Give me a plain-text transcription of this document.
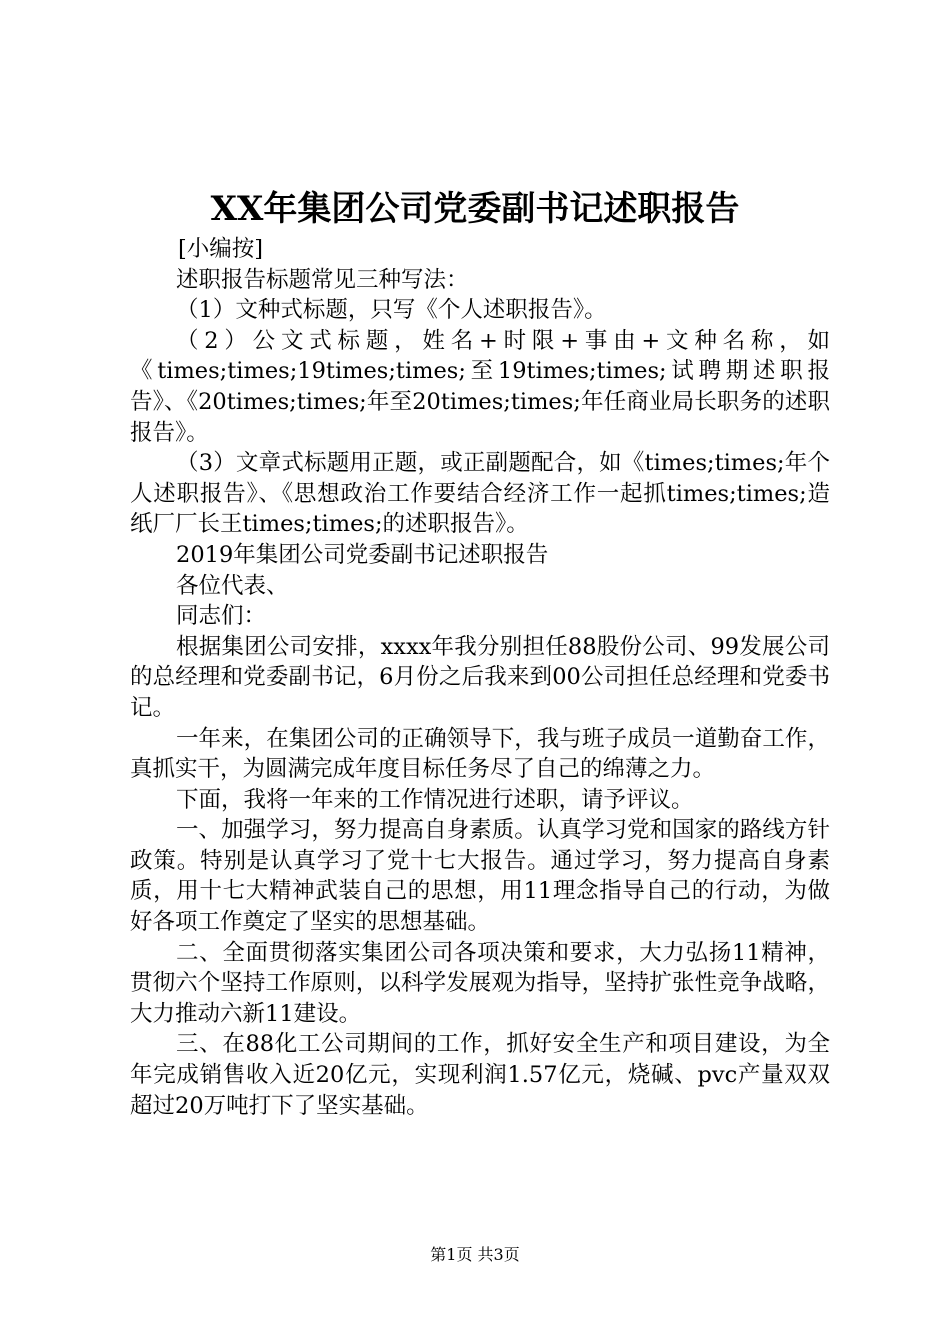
XX年集团公司党委副书记述职报告

[小编按]

述职报告标题常见三种写法：

（1）文种式标题，只写《个人述职报告》。

（2）公文式标题，姓名+时限+事由+文种名称，如《times;times;19times;times;至19times;times;试聘期述职报告》、《20times;times;年至20times;times;年任商业局长职务的述职报告》。

（3）文章式标题用正题，或正副题配合，如《times;times;年个人述职报告》、《思想政治工作要结合经济工作一起抓times;times;造纸厂厂长王times;times;的述职报告》。

2019年集团公司党委副书记述职报告

各位代表、

同志们：

根据集团公司安排，xxxx年我分别担任88股份公司、99发展公司的总经理和党委副书记，6月份之后我来到00公司担任总经理和党委书记。

一年来，在集团公司的正确领导下，我与班子成员一道勤奋工作，真抓实干，为圆满完成年度目标任务尽了自己的绵薄之力。

下面，我将一年来的工作情况进行述职，请予评议。

一、加强学习，努力提高自身素质。认真学习党和国家的路线方针政策。特别是认真学习了党十七大报告。通过学习，努力提高自身素质，用十七大精神武装自己的思想，用11理念指导自己的行动，为做好各项工作奠定了坚实的思想基础。

二、全面贯彻落实集团公司各项决策和要求，大力弘扬11精神，贯彻六个坚持工作原则，以科学发展观为指导，坚持扩张性竞争战略，大力推动六新11建设。

三、在88化工公司期间的工作，抓好安全生产和项目建设，为全年完成销售收入近20亿元，实现利润1.57亿元，烧碱、pvc产量双双超过20万吨打下了坚实基础。

第1页 共3页
